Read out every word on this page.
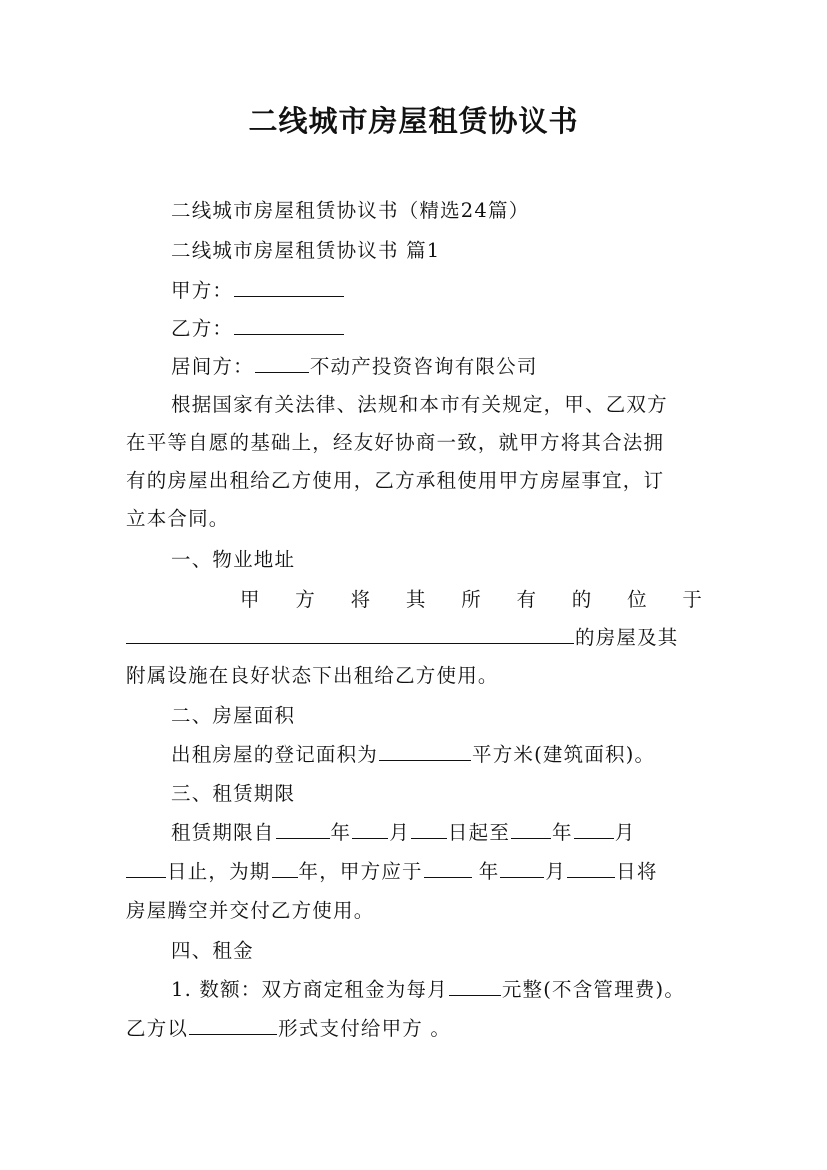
二线城市房屋租赁协议书
二线城市房屋租赁协议书（精选24篇）
二线城市房屋租赁协议书 篇1
甲方：
乙方：
居间方：	不动产投资咨询有限公司
根据国家有关法律、法规和本市有关规定，甲、乙双方
在平等自愿的基础上，经友好协商一致，就甲方将其合法拥
有的房屋出租给乙方使用，乙方承租使用甲方房屋事宜，订
立本合同。
一、物业地址
甲 方 将 其 所 有 的 位 于
的房屋及其
附属设施在良好状态下出租给乙方使用。
二、房屋面积
出租房屋的登记面积为	平方米(建筑面积)。
三、租赁期限
租赁期限自	年 月 日起至 年 月
日止，为期 年，甲方应于	年 月	日将
房屋腾空并交付乙方使用。
四、租金
1. 数额：双方商定租金为每月	元整(不含管理费)。
乙方以	形式支付给甲方 。
